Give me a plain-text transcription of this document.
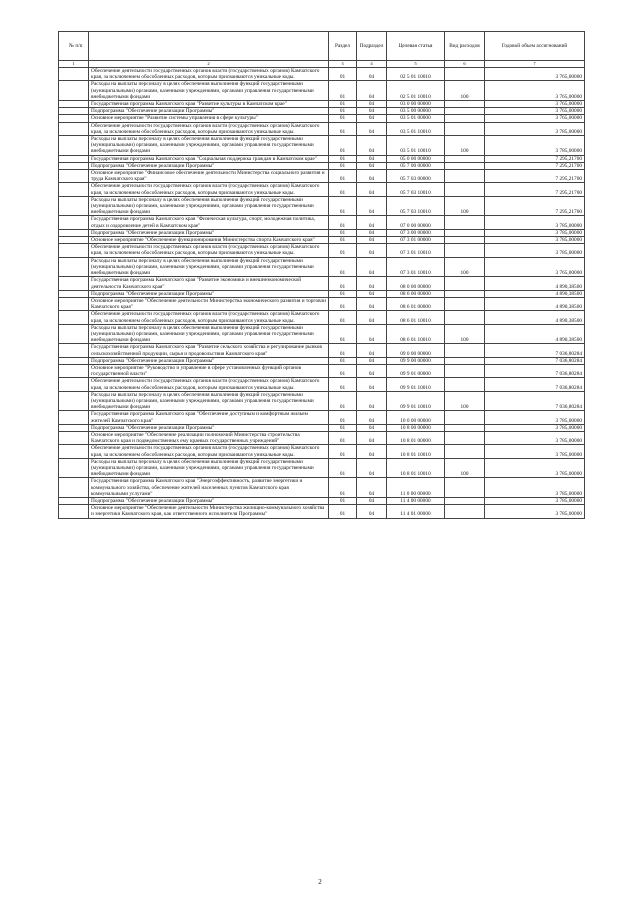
№ п/п		Раздел	Подраздел	Целевая статья	Вид расходов	Годовой объем ассигнований
1	2	3	4	5	6	7
	Обеспечение деятельности государственных органов власти (государственных органов) Камчатского края, за исключением обособленных расходов, которым присваиваются уникальные коды.	01	04	02 5 01 10010		3 765,00000
	Расходы на выплаты персоналу в целях обеспечения выполнения функций государственными (муниципальными) органами, казенными учреждениями, органами управления государственными внебюджетными фондами	01	04	02 5 01 10010	100	3 765,00000
	Государственная программа Камчатского края "Развитие культуры в Камчатском крае"	01	04	03 0 00 00000		3 765,00000
	Подпрограмма "Обеспечение реализации Программы"	01	04	03 5 00 00000		3 765,00000
	Основное мероприятие "Развитие системы управления в сфере культуры"	01	04	03 5 01 00000		3 765,00000
	Обеспечение деятельности государственных органов власти (государственных органов) Камчатского края, за исключением обособленных расходов, которым присваиваются уникальные коды.	01	04	03 5 01 10010		3 785,00000
	Расходы на выплаты персоналу в целях обеспечения выполнения функций государственными (муниципальными) органами, казенными учреждениями, органами управления государственными внебюджетными фондами	01	04	03 5 01 10010	100	3 785,00000
	Государственная программа Камчатского края "Социальная поддержка граждан в Камчатском крае"	01	04	05 0 00 00000		7 295,21700
	Подпрограмма "Обеспечение реализации Программы"	01	04	05 7 00 00000		7 295,21700
	Основное мероприятие "Финансовое обеспечение деятельности Министерства социального развития и труда Камчатского края"	01	04	05 7 03 00000		7 295,21700
	Обеспечение деятельности государственных органов власти (государственных органов) Камчатского края, за исключением обособленных расходов, которым присваиваются уникальные коды.	01	04	05 7 03 10010		7 295,21700
	Расходы на выплаты персоналу в целях обеспечения выполнения функций государственными (муниципальными) органами, казенными учреждениями, органами управления государственными внебюджетными фондами	01	04	05 7 03 10010	100	7 295,21700
	Государственная программа Камчатского края "Физическая культура, спорт, молодежная политика, отдых и оздоровление детей в Камчатском крае"	01	04	07 0 00 00000		3 785,00000
	Подпрограмма "Обеспечение реализации Программы"	01	04	07 3 00 00000		3 785,00000
	Основное мероприятие "Обеспечение функционирования Министерства спорта Камчатского края"	01	04	07 3 01 00000		3 785,00000
	Обеспечение деятельности государственных органов власти (государственных органов) Камчатского края, за исключением обособленных расходов, которым присваиваются уникальные коды.	01	04	07 3 01 10010		3 785,00000
	Расходы на выплаты персоналу в целях обеспечения выполнения функций государственными (муниципальными) органами, казенными учреждениями, органами управления государственными внебюджетными фондами	01	04	07 3 01 10010	100	3 765,00000
	Государственная программа Камчатского края "Развитие экономики и внешнеэкономической деятельности Камчатского края"	01	04	08 0 00 00000		4 890,38500
	Подпрограмма "Обеспечение реализации Программы"	01	04	08 6 00 00000		4 890,38500
	Основное мероприятие "Обеспечение деятельности Министерства экономического развития и торговли Камчатского края"	01	04	08 6 01 00000		4 890,38500
	Обеспечение деятельности государственных органов власти (государственных органов) Камчатского края, за исключением обособленных расходов, которым присваиваются уникальные коды.	01	04	08 6 01 10010		4 890,38500
	Расходы на выплаты персоналу в целях обеспечения выполнения функций государственными (муниципальными) органами, казенными учреждениями, органами управления государственными внебюджетными фондами	01	04	08 6 01 10010	100	4 890,38500
	Государственная программа Камчатского края "Развитие сельского хозяйства и регулирование рынков сельскохозяйственной продукции, сырья и продовольствия Камчатского края"	01	04	09 0 00 00000		7 036,80284
	Подпрограмма "Обеспечение реализации Программы"	01	04	09 9 00 00000		7 036,80284
	Основное мероприятие "Руководство и управление в сфере установленных функций органов государственной власти"	01	04	09 9 01 00000		7 036,80284
	Обеспечение деятельности государственных органов власти (государственных органов) Камчатского края, за исключением обособленных расходов, которым присваиваются уникальные коды.	01	04	09 9 01 10010		7 036,80284
	Расходы на выплаты персоналу в целях обеспечения выполнения функций государственными (муниципальными) органами, казенными учреждениями, органами управления государственными внебюджетными фондами	01	04	09 9 01 10010	100	7 036,80284
	Государственная программа Камчатского края "Обеспечение доступным и комфортным жильем жителей Камчатского края"	01	04	10 0 00 00000		3 785,00000
	Подпрограмма "Обеспечение реализации Программы"	01	04	10 8 00 00000		3 785,00000
	Основное мероприятие "Обеспечение реализации полномочий Министерства строительства Камчатского края и подведомственных ему краевых государственных учреждений"	01	04	10 8 01 00000		3 785,00000
	Обеспечение деятельности государственных органов власти (государственных органов) Камчатского края, за исключением обособленных расходов, которым присваиваются уникальные коды.	01	04	10 8 01 10010		3 785,00000
	Расходы на выплаты персоналу в целях обеспечения выполнения функций государственными (муниципальными) органами, казенными учреждениями, органами управления государственными внебюджетными фондами	01	04	10 8 01 10010	100	3 785,00000
	Государственная программа Камчатского края "Энергоэффективность, развитие энергетики и коммунального хозяйства, обеспечение жителей населенных пунктов Камчатского края коммунальными услугами"	01	04	11 0 00 00000		3 785,00000
	Подпрограмма "Обеспечение реализации Программы"	01	04	11 4 00 00000		3 785,00000
	Основное мероприятие "Обеспечение деятельности Министерства жилищно-коммунального хозяйства и энергетики Камчатского края, как ответственного исполнителя Программы"	01	04	11 4 01 00000		3 785,00000
2
